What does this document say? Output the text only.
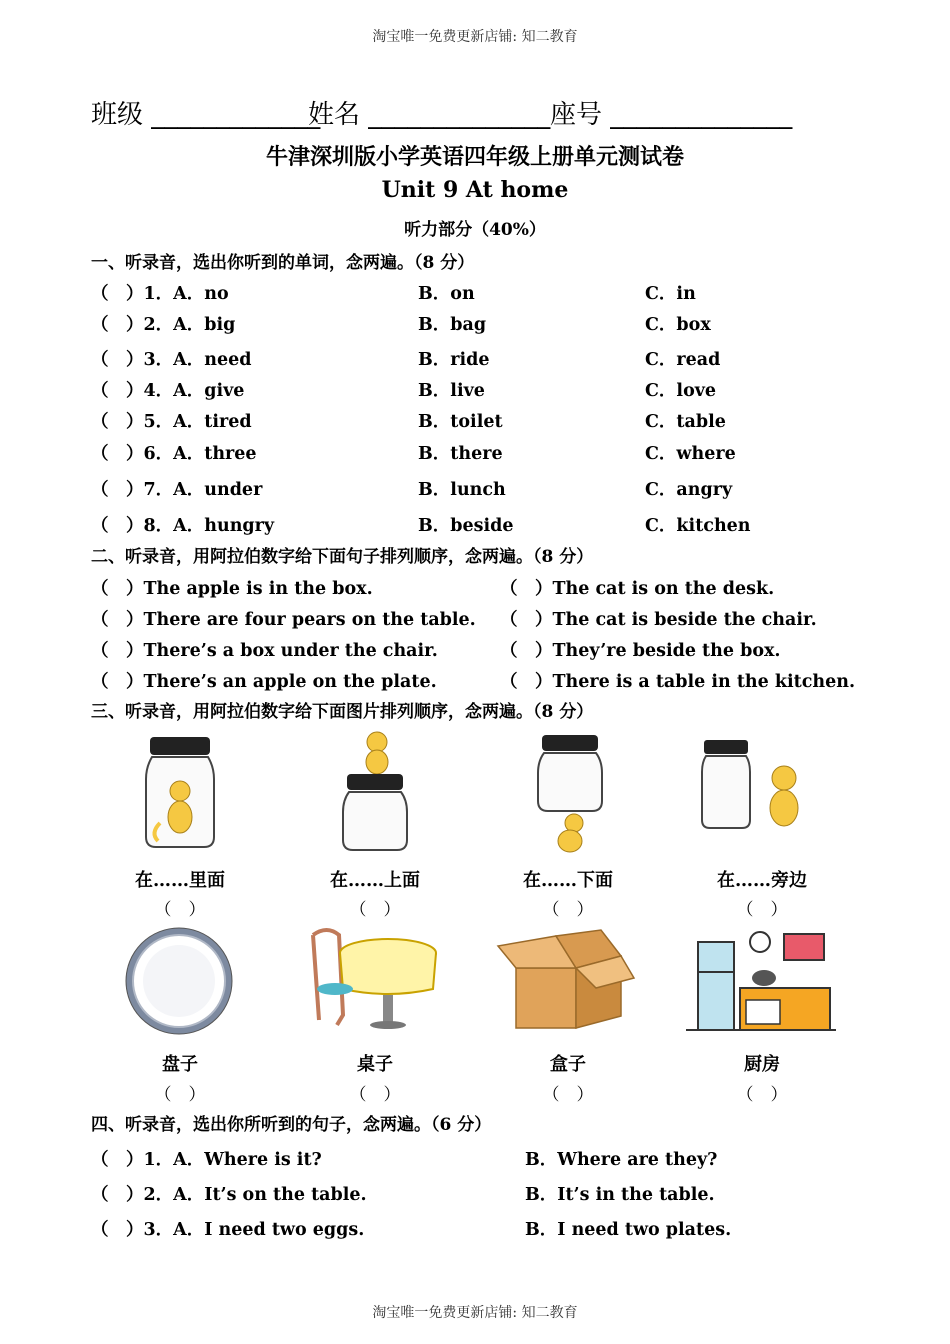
淘宝唯一免费更新店铺: 知二教育
班级 _____________
姓名 ______________ 座号 ______________
牛津深圳版小学英语四年级上册单元测试卷
Unit 9 At home
听力部分（40%）
一、听录音，选出你听到的单词，念两遍。（8 分）
（　）1．A．no	B．on	C．in
（　）2．A．big	B．bag	C．box
（　）3．A．need	B．ride	C．read
（　）4．A．give	B．live	C．love
（　）5．A．tired	B．toilet	C．table
（　）6．A．three	B．there	C．where
（　）7．A．under	B．lunch	C．angry
（　）8．A．hungry	B．beside	C．kitchen
二、听录音，用阿拉伯数字给下面句子排列顺序，念两遍。（8 分）
（　）The apple is in the box.	（　）The cat is on the desk.
（　）There are four pears on the table. （　）The cat is beside the chair.
（　）There’s a box under the chair.	（　）They’re beside the box.
（　）There’s an apple on the plate.	（　）There is a table in the kitchen.
三、听录音，用阿拉伯数字给下面图片排列顺序，念两遍。（8 分）
在……里面
（　）
在……上面
（　）
在……下面
（　）
在……旁边
（　）
盘子
（　）
桌子
（　）
盒子
（　）
厨房
（　）
四、听录音，选出你所听到的句子，念两遍。（6 分）
（　）1．A．Where is it?	B．Where are they?
（　）2．A．It’s on the table.	B．It’s in the table.
（　）3．A．I need two eggs.	B．I need two plates.
淘宝唯一免费更新店铺: 知二教育
